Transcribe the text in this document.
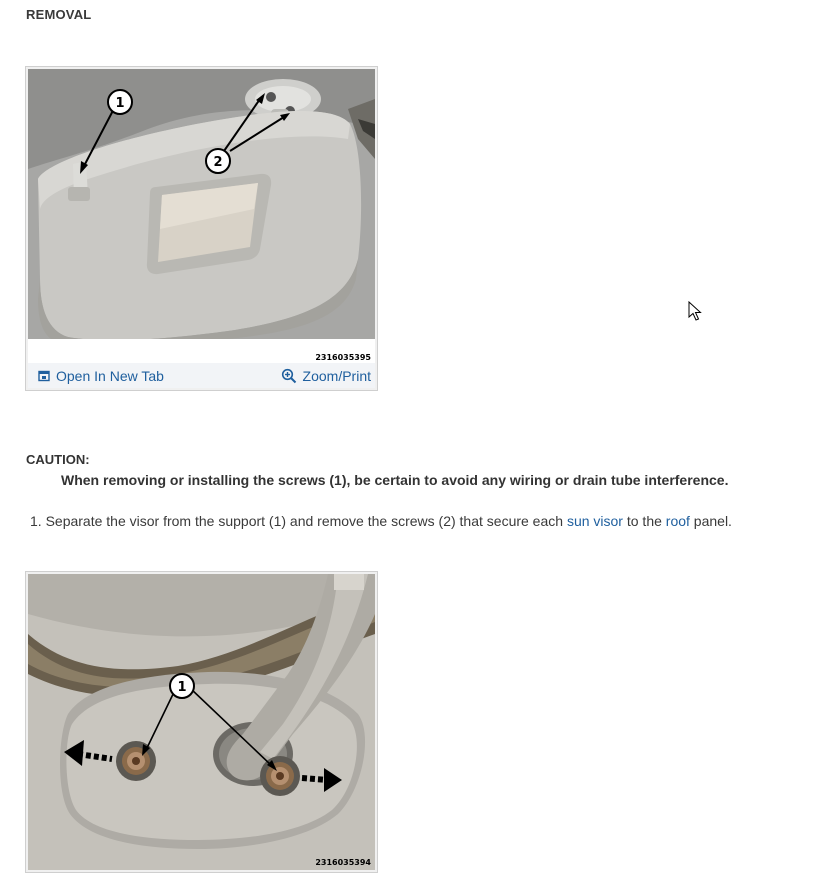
REMOVAL
1
2
2316035395
Open In New Tab	Zoom/Print
CAUTION:
When removing or installing the screws (1), be certain to avoid any wiring or drain tube interference.
1. Separate the visor from the support (1) and remove the screws (2) that secure each sun visor to the roof panel.
1
2316035394
